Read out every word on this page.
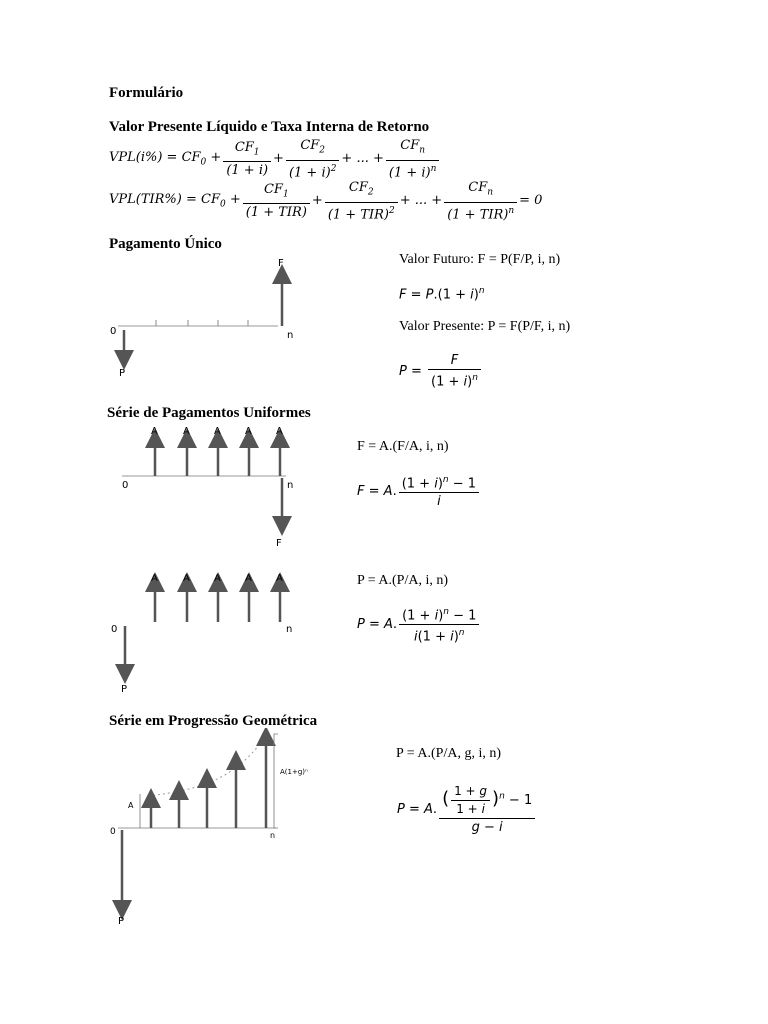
Formulário
Valor Presente Líquido e Taxa Interna de Retorno
$VPL(i\%) = CF_0 + \frac{CF_1}{(1 + i)} + \frac{CF_2}{(1 + i)^2}$ + ... + $\frac{CF_n}{(1 + i)^n}$
$VPL(TIR\%) = CF_0 + \frac{CF_1}{\text{(1 + TIR)}} + \frac{CF_2}{(1 + TIR)^2}$ + ... + $\frac{CF_n}{(1 + TIR)^n} = 0$
Pagamento Único
F
0	n
P
Valor Futuro: F = P(F/P, i, n)
$F = P.(1 + i)^n$
Valor Presente: P = F(P/F, i, n)
$P = \frac{F}{(1 + i)^n}$
Série de Pagamentos Uniformes
A	A A A A
0	n
F
F = A.(F/A, i, n)
F = A . $\frac{(1 + i)^n - 1}{i}$
A	A A A A
0	n
P
P = A.(P/A, i, n)
P = A . $\frac{(1 + i)^n - 1}{i(1 + i)^n}$
Série em Progressão Geométrica
A
A(1+g)ⁿ
0	n
P
P = A.(P/A, g, i, n)
P = A . $\frac{( \frac{1 + g}{1 + i} )^n - 1}{g - i}$
